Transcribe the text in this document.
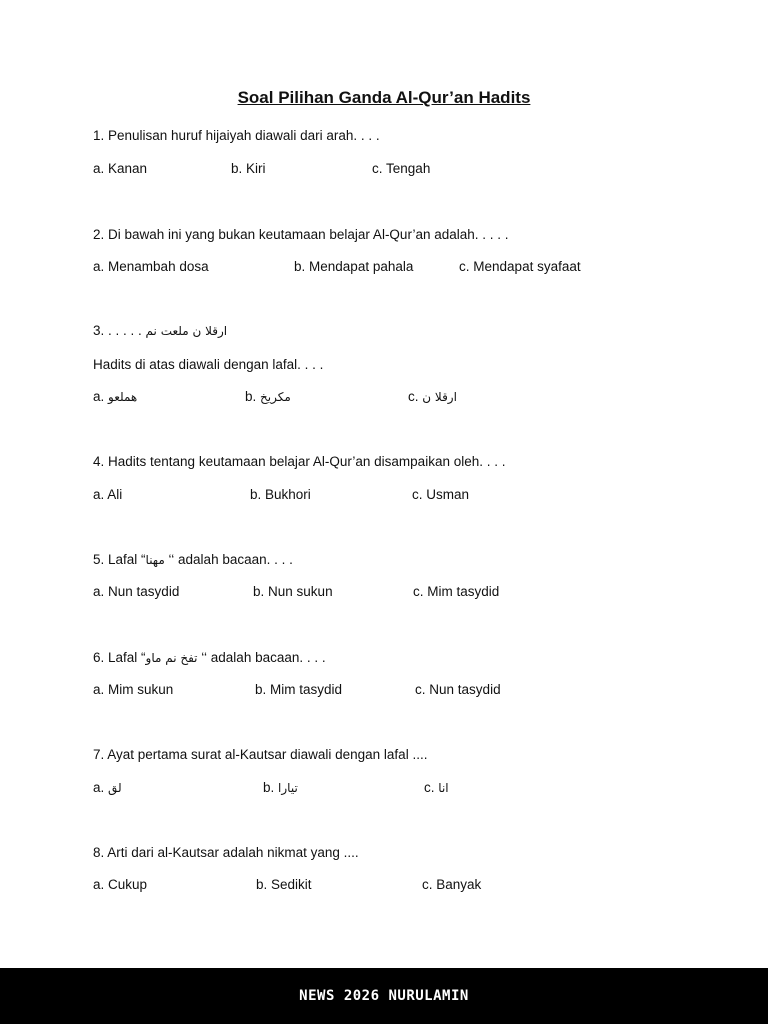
Soal Pilihan Ganda Al-Qur’an Hadits
1. Penulisan huruf hijaiyah diawali dari arah. . . .
a. Kanan	b. Kiri	c. Tengah
2. Di bawah ini yang bukan keutamaan belajar Al-Qur’an adalah. . . . .
a. Menambah dosa	b. Mendapat pahala	c. Mendapat syafaat
3. . . . . . ارقلا ن ملعت نم
Hadits di atas diawali dengan lafal. . . .
a. هملعو	b. مكريخ	c. ارقلا ن
4. Hadits tentang keutamaan belajar Al-Qur’an disampaikan oleh. . . .
a. Ali	b. Bukhori	c. Usman
5. Lafal “مهنا ‘‘ adalah bacaan. . . .
a. Nun tasydid	b. Nun sukun	c. Mim tasydid
6. Lafal “تفخ نم ماو ‘‘ adalah bacaan. . . .
a. Mim sukun	b. Mim tasydid	c. Nun tasydid
7. Ayat pertama surat al-Kautsar diawali dengan lafal ....
a. لق	b. تيارا	c. انا
8. Arti dari al-Kautsar adalah nikmat yang ....
a. Cukup	b. Sedikit	c. Banyak
NEWS 2026 NURULAMIN
